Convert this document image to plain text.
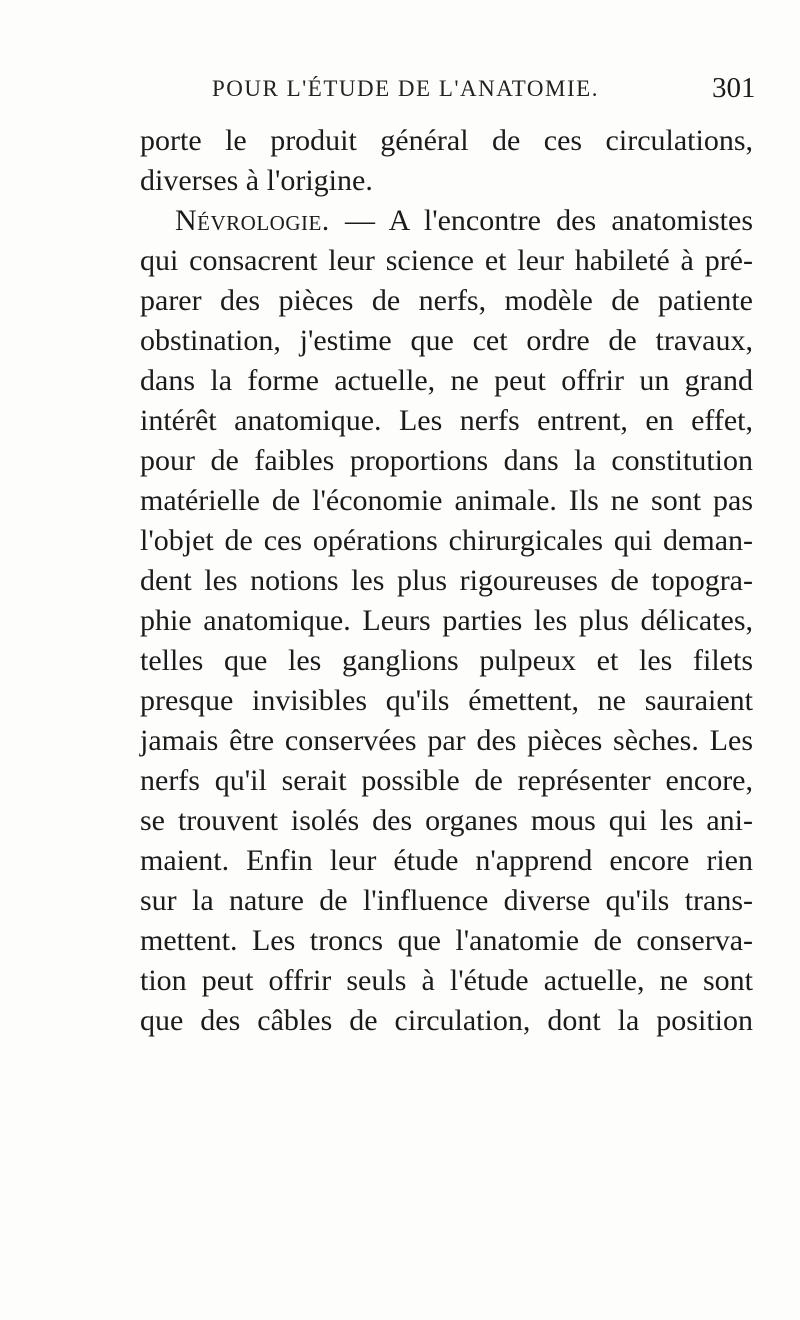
POUR L'ÉTUDE DE L'ANATOMIE.	301
porte le produit général de ces circulations,
diverses à l'origine.
Névrologie. — A l'encontre des anatomistes
qui consacrent leur science et leur habileté à pré-
parer des pièces de nerfs, modèle de patiente
obstination, j'estime que cet ordre de travaux,
dans la forme actuelle, ne peut offrir un grand
intérêt anatomique. Les nerfs entrent, en effet,
pour de faibles proportions dans la constitution
matérielle de l'économie animale. Ils ne sont pas
l'objet de ces opérations chirurgicales qui deman-
dent les notions les plus rigoureuses de topogra-
phie anatomique. Leurs parties les plus délicates,
telles que les ganglions pulpeux et les filets
presque invisibles qu'ils émettent, ne sauraient
jamais être conservées par des pièces sèches. Les
nerfs qu'il serait possible de représenter encore,
se trouvent isolés des organes mous qui les ani-
maient. Enfin leur étude n'apprend encore rien
sur la nature de l'influence diverse qu'ils trans-
mettent. Les troncs que l'anatomie de conserva-
tion peut offrir seuls à l'étude actuelle, ne sont
que des câbles de circulation, dont la position
